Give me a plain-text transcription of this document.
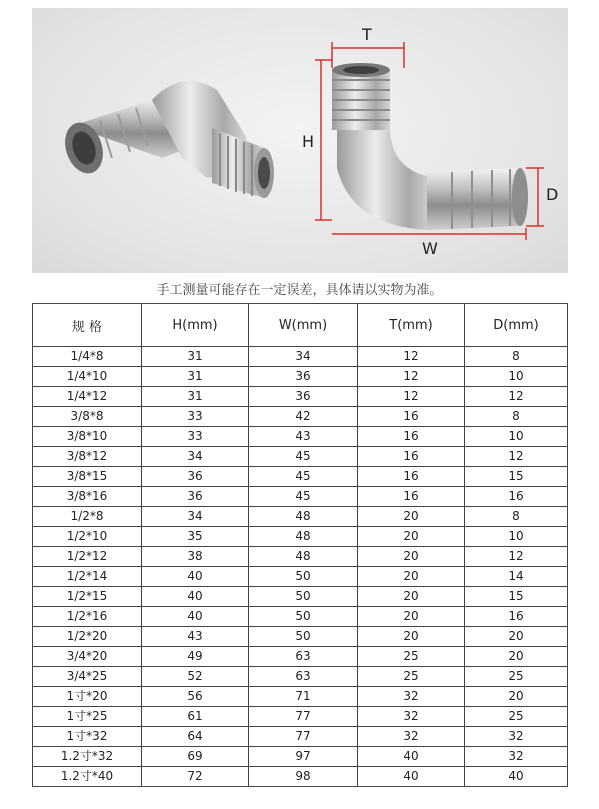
T
H
W
D
手工测量可能存在一定误差，具体请以实物为准。
规 格	H(mm)	W(mm)	T(mm)	D(mm)
1/4*8	31	34	12	8
1/4*10	31	36	12	10
1/4*12	31	36	12	12
3/8*8	33	42	16	8
3/8*10	33	43	16	10
3/8*12	34	45	16	12
3/8*15	36	45	16	15
3/8*16	36	45	16	16
1/2*8	34	48	20	8
1/2*10	35	48	20	10
1/2*12	38	48	20	12
1/2*14	40	50	20	14
1/2*15	40	50	20	15
1/2*16	40	50	20	16
1/2*20	43	50	20	20
3/4*20	49	63	25	20
3/4*25	52	63	25	25
1寸*20	56	71	32	20
1寸*25	61	77	32	25
1寸*32	64	77	32	32
1.2寸*32	69	97	40	32
1.2寸*40	72	98	40	40
